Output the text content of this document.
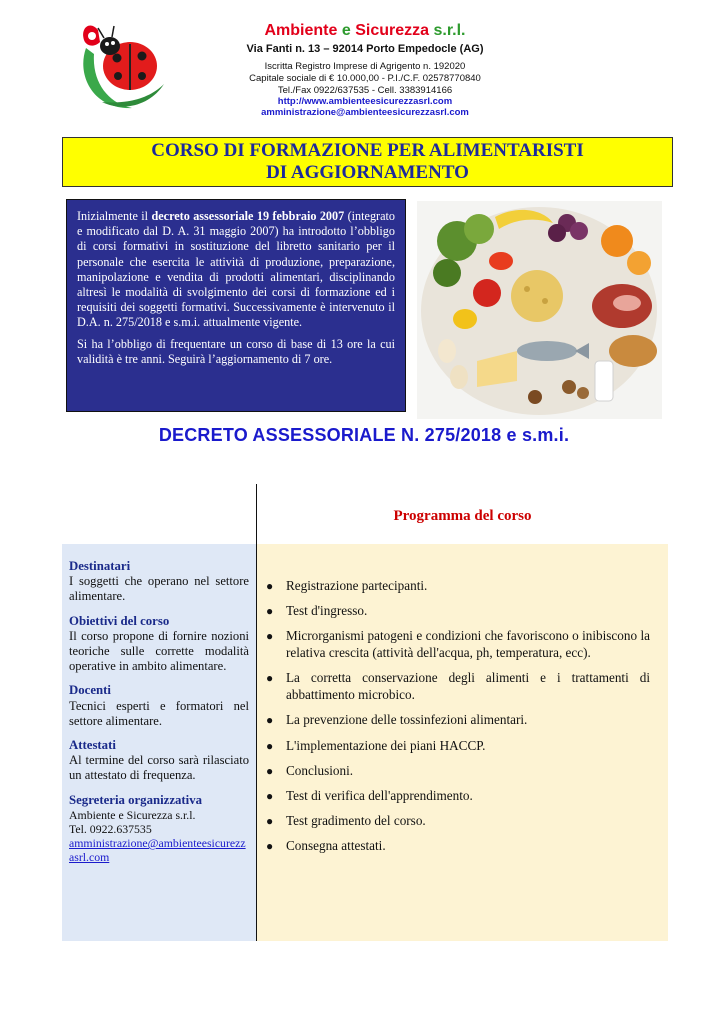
Ambiente e Sicurezza s.r.l.
Via Fanti n. 13 – 92014 Porto Empedocle (AG)
Iscritta Registro Imprese di Agrigento n. 192020
Capitale sociale di € 10.000,00 - P.I./C.F. 02578770840
Tel./Fax 0922/637535 - Cell. 3383914166
http://www.ambienteesicurezzasrl.com
amministrazione@ambienteesicurezzasrl.com
CORSO DI FORMAZIONE PER ALIMENTARISTI
DI AGGIORNAMENTO

Inizialmente il decreto assessoriale 19 febbraio 2007 (integrato e modificato dal D. A. 31 maggio 2007) ha introdotto l’obbligo di corsi formativi in sostituzione del libretto sanitario per il personale che esercita le attività di produzione, preparazione, manipolazione e vendita di prodotti alimentari, disciplinando altresì le modalità di svolgimento dei corsi di formazione ed i requisiti dei soggetti formativi. Successivamente è intervenuto il D.A. n. 275/2018 e s.m.i. attualmente vigente.

Si ha l’obbligo di frequentare un corso di base di 13 ore la cui validità è tre anni. Seguirà l’aggiornamento di 7 ore.

DECRETO ASSESSORIALE N. 275/2018 e s.m.i.
Programma del corso
Destinatari
I soggetti che operano nel settore alimentare.
Obiettivi del corso
Il corso propone di fornire nozioni teoriche sulle corrette modalità operative in ambito alimentare.
Docenti
Tecnici esperti e formatori nel settore alimentare.
Attestati
Al termine del corso sarà rilasciato un attestato di frequenza.
Segreteria organizzativa
Ambiente e Sicurezza s.r.l.
Tel. 0922.637535
amministrazione@ambienteesicurezzasrl.com
● Registrazione partecipanti.
● Test d'ingresso.
● Microrganismi patogeni e condizioni che favoriscono o inibiscono la relativa crescita (attività dell'acqua, ph, temperatura, ecc).
● La corretta conservazione degli alimenti e i trattamenti di abbattimento microbico.
● La prevenzione delle tossinfezioni alimentari.
● L'implementazione dei piani HACCP.
● Conclusioni.
● Test di verifica dell'apprendimento.
● Test gradimento del corso.
● Consegna attestati.
